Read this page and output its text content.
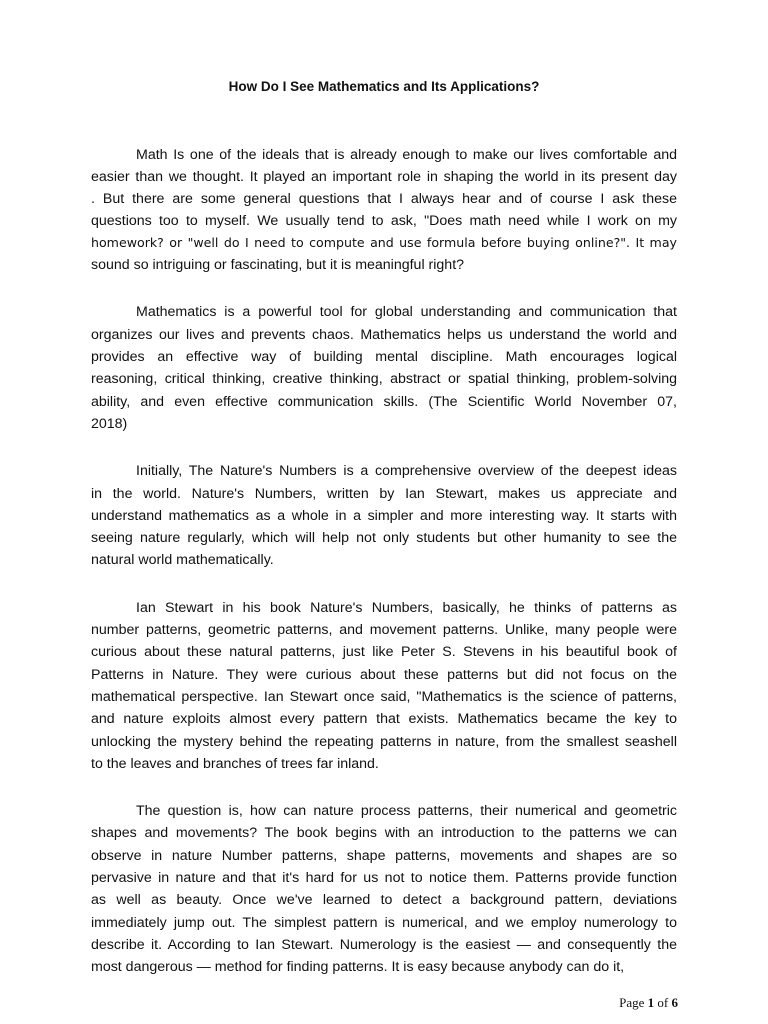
How Do I See Mathematics and Its Applications?
Math Is one of the ideals that is already enough to make our lives comfortable and
easier than we thought. It played an important role in shaping the world in its present day
. But there are some general questions that I always hear and of course I ask these
questions too to myself. We usually tend to ask, "Does math need while I work on my
homework? or "well do I need to compute and use formula before buying online?". It may
sound so intriguing or fascinating, but it is meaningful right?
Mathematics is a powerful tool for global understanding and communication that
organizes our lives and prevents chaos. Mathematics helps us understand the world and
provides an effective way of building mental discipline. Math encourages logical
reasoning, critical thinking, creative thinking, abstract or spatial thinking, problem-solving
ability, and even effective communication skills. (The Scientific World November 07,
2018)
Initially, The Nature's Numbers is a comprehensive overview of the deepest ideas
in the world. Nature's Numbers, written by Ian Stewart, makes us appreciate and
understand mathematics as a whole in a simpler and more interesting way. It starts with
seeing nature regularly, which will help not only students but other humanity to see the
natural world mathematically.
Ian Stewart in his book Nature's Numbers, basically, he thinks of patterns as
number patterns, geometric patterns, and movement patterns. Unlike, many people were
curious about these natural patterns, just like Peter S. Stevens in his beautiful book of
Patterns in Nature. They were curious about these patterns but did not focus on the
mathematical perspective. Ian Stewart once said, "Mathematics is the science of patterns,
and nature exploits almost every pattern that exists. Mathematics became the key to
unlocking the mystery behind the repeating patterns in nature, from the smallest seashell
to the leaves and branches of trees far inland.
The question is, how can nature process patterns, their numerical and geometric
shapes and movements? The book begins with an introduction to the patterns we can
observe in nature Number patterns, shape patterns, movements and shapes are so
pervasive in nature and that it's hard for us not to notice them. Patterns provide function
as well as beauty. Once we've learned to detect a background pattern, deviations
immediately jump out. The simplest pattern is numerical, and we employ numerology to
describe it. According to Ian Stewart. Numerology is the easiest — and consequently the
most dangerous — method for finding patterns. It is easy because anybody can do it,
Page 1 of 6
